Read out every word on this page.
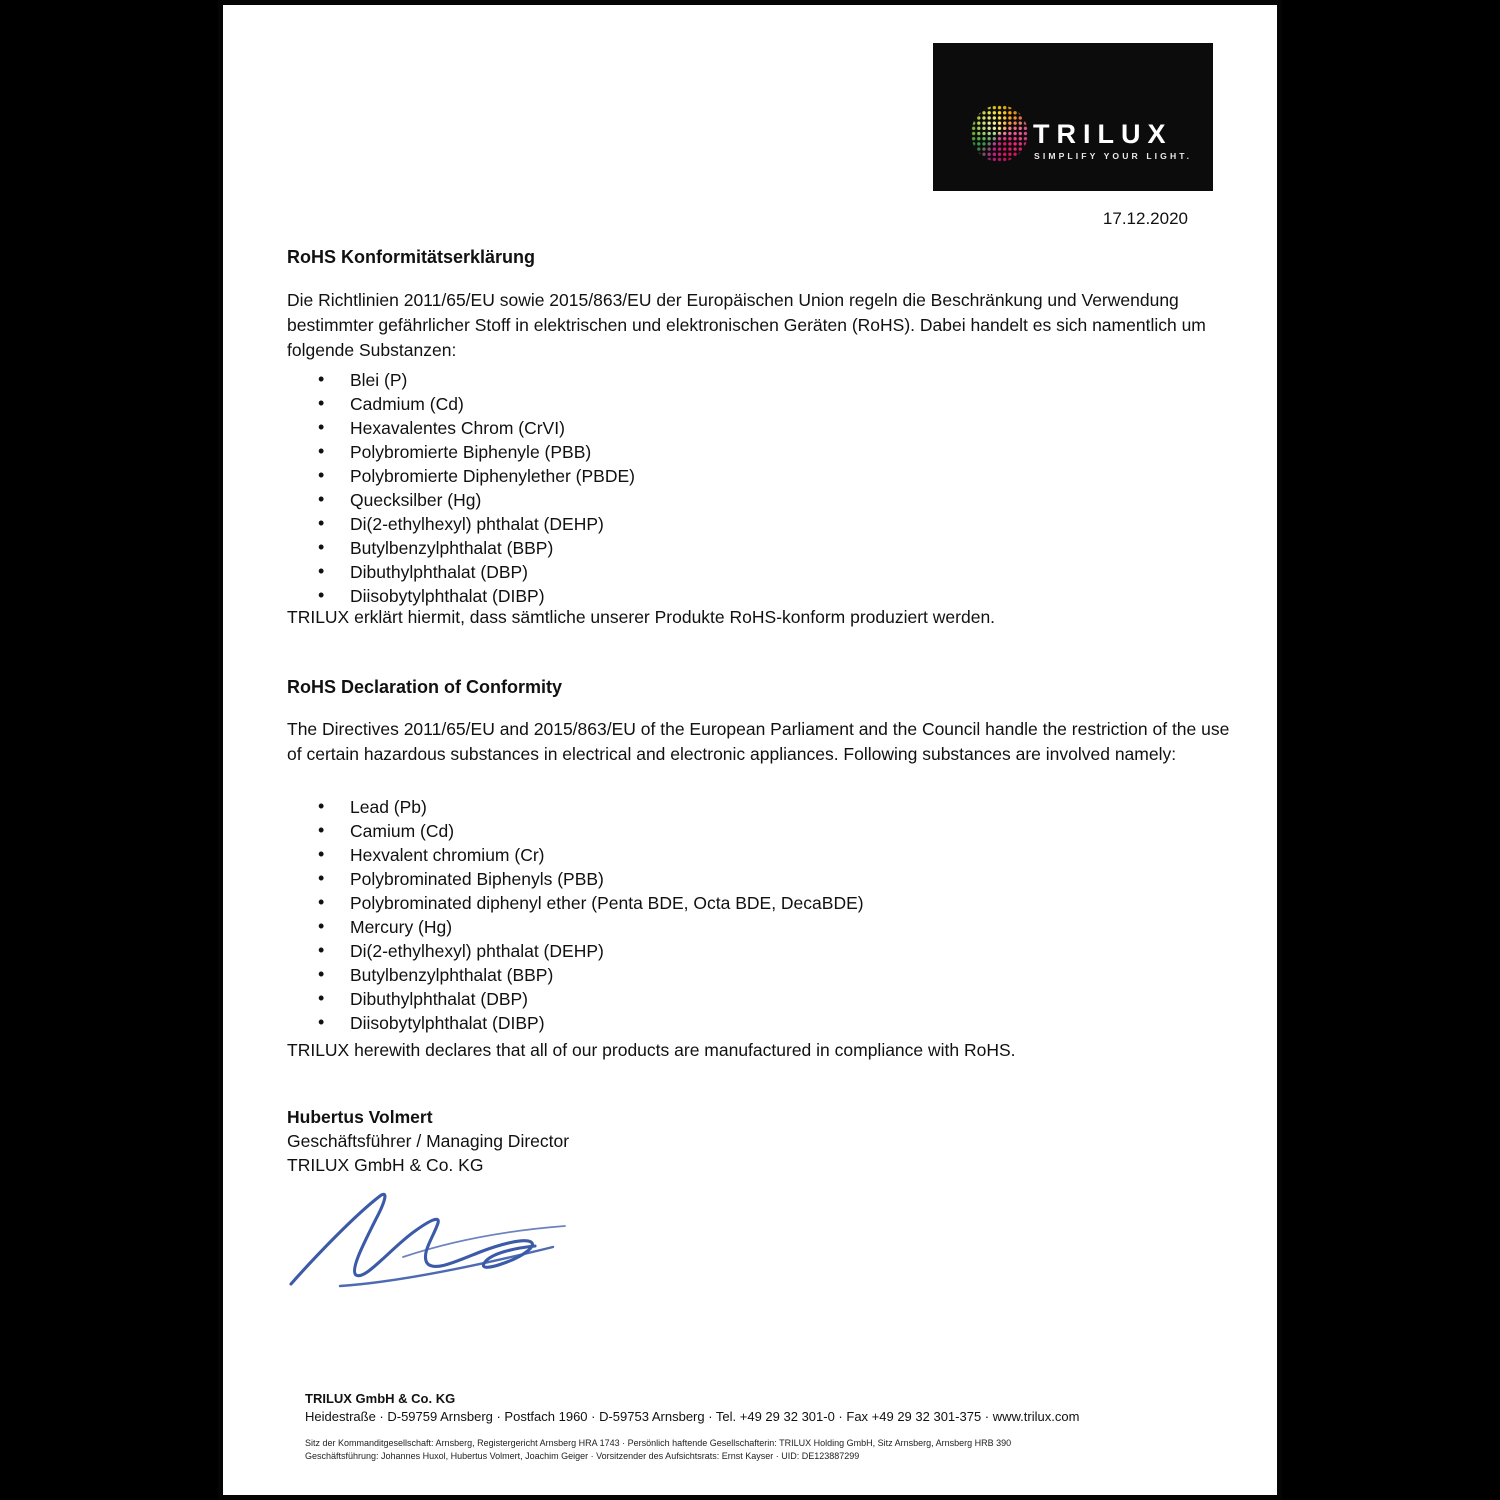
TRILUX
SIMPLIFY YOUR LIGHT.
17.12.2020
RoHS Konformitätserklärung
Die Richtlinien 2011/65/EU sowie 2015/863/EU der Europäischen Union regeln die Beschränkung und Verwendung bestimmter gefährlicher Stoff in elektrischen und elektronischen Geräten (RoHS). Dabei handelt es sich namentlich um folgende Substanzen:
• Blei (P)
• Cadmium (Cd)
• Hexavalentes Chrom (CrVI)
• Polybromierte Biphenyle (PBB)
• Polybromierte Diphenylether (PBDE)
• Quecksilber (Hg)
• Di(2-ethylhexyl) phthalat (DEHP)
• Butylbenzylphthalat (BBP)
• Dibuthylphthalat (DBP)
• Diisobytylphthalat (DIBP)
TRILUX erklärt hiermit, dass sämtliche unserer Produkte RoHS-konform produziert werden.
RoHS Declaration of Conformity
The Directives 2011/65/EU and 2015/863/EU of the European Parliament and the Council handle the restriction of the use of certain hazardous substances in electrical and electronic appliances. Following substances are involved namely:
• Lead (Pb)
• Camium (Cd)
• Hexvalent chromium (Cr)
• Polybrominated Biphenyls (PBB)
• Polybrominated diphenyl ether (Penta BDE, Octa BDE, DecaBDE)
• Mercury (Hg)
• Di(2-ethylhexyl) phthalat (DEHP)
• Butylbenzylphthalat (BBP)
• Dibuthylphthalat (DBP)
• Diisobytylphthalat (DIBP)
TRILUX herewith declares that all of our products are manufactured in compliance with RoHS.
Hubertus Volmert
Geschäftsführer / Managing Director
TRILUX GmbH & Co. KG
TRILUX GmbH & Co. KG
Heidestraße · D-59759 Arnsberg · Postfach 1960 · D-59753 Arnsberg · Tel. +49 29 32 301-0 · Fax +49 29 32 301-375 · www.trilux.com
Sitz der Kommanditgesellschaft: Arnsberg, Registergericht Arnsberg HRA 1743 · Persönlich haftende Gesellschafterin: TRILUX Holding GmbH, Sitz Arnsberg, Arnsberg HRB 390
Geschäftsführung: Johannes Huxol, Hubertus Volmert, Joachim Geiger · Vorsitzender des Aufsichtsrats: Ernst Kayser · UID: DE123887299
